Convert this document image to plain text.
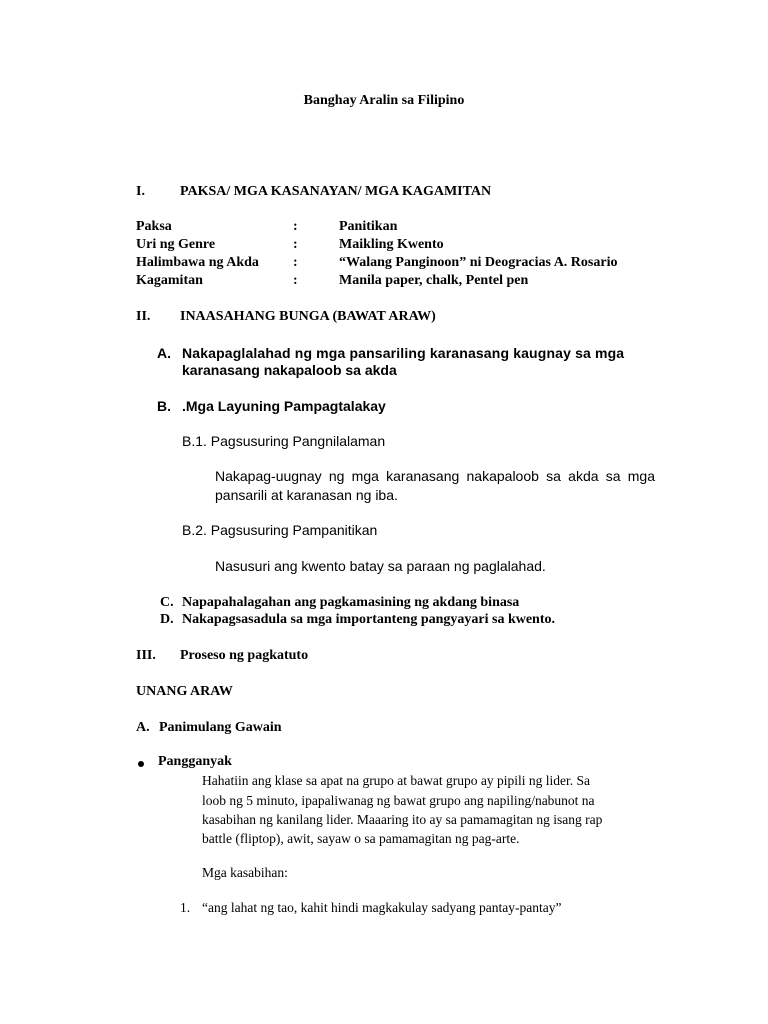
Banghay Aralin sa Filipino
I.	PAKSA/ MGA KASANAYAN/ MGA KAGAMITAN
Paksa	:	Panitikan
Uri ng Genre	:	Maikling Kwento
Halimbawa ng Akda :	“Walang Panginoon” ni Deogracias A. Rosario
Kagamitan	:	Manila paper, chalk, Pentel pen
II. INAASAHANG BUNGA (BAWAT ARAW)
A. Nakapaglalahad ng mga pansariling karanasang kaugnay sa mga
karanasang nakapaloob sa akda
B. .Mga Layuning Pampagtalakay
B.1. Pagsusuring Pangnilalaman
Nakapag-uugnay ng mga karanasang nakapaloob sa akda sa mga pansarili at karanasan ng iba.
B.2. Pagsusuring Pampanitikan
Nasusuri ang kwento batay sa paraan ng paglalahad.
C. Napapahalagahan ang pagkamasining ng akdang binasa
D. Nakapagsasadula sa mga importanteng pangyayari sa kwento.
III. Proseso ng pagkatuto
UNANG ARAW
A. Panimulang Gawain
Pangganyak
Hahatiin ang klase sa apat na grupo at bawat grupo ay pipili ng lider. Sa
loob ng 5 minuto, ipapaliwanag ng bawat grupo ang napiling/nabunot na
kasabihan ng kanilang lider. Maaaring ito ay sa pamamagitan ng isang rap
battle (fliptop), awit, sayaw o sa pamamagitan ng pag-arte.
Mga kasabihan:
1. “ang lahat ng tao, kahit hindi magkakulay sadyang pantay-pantay”
